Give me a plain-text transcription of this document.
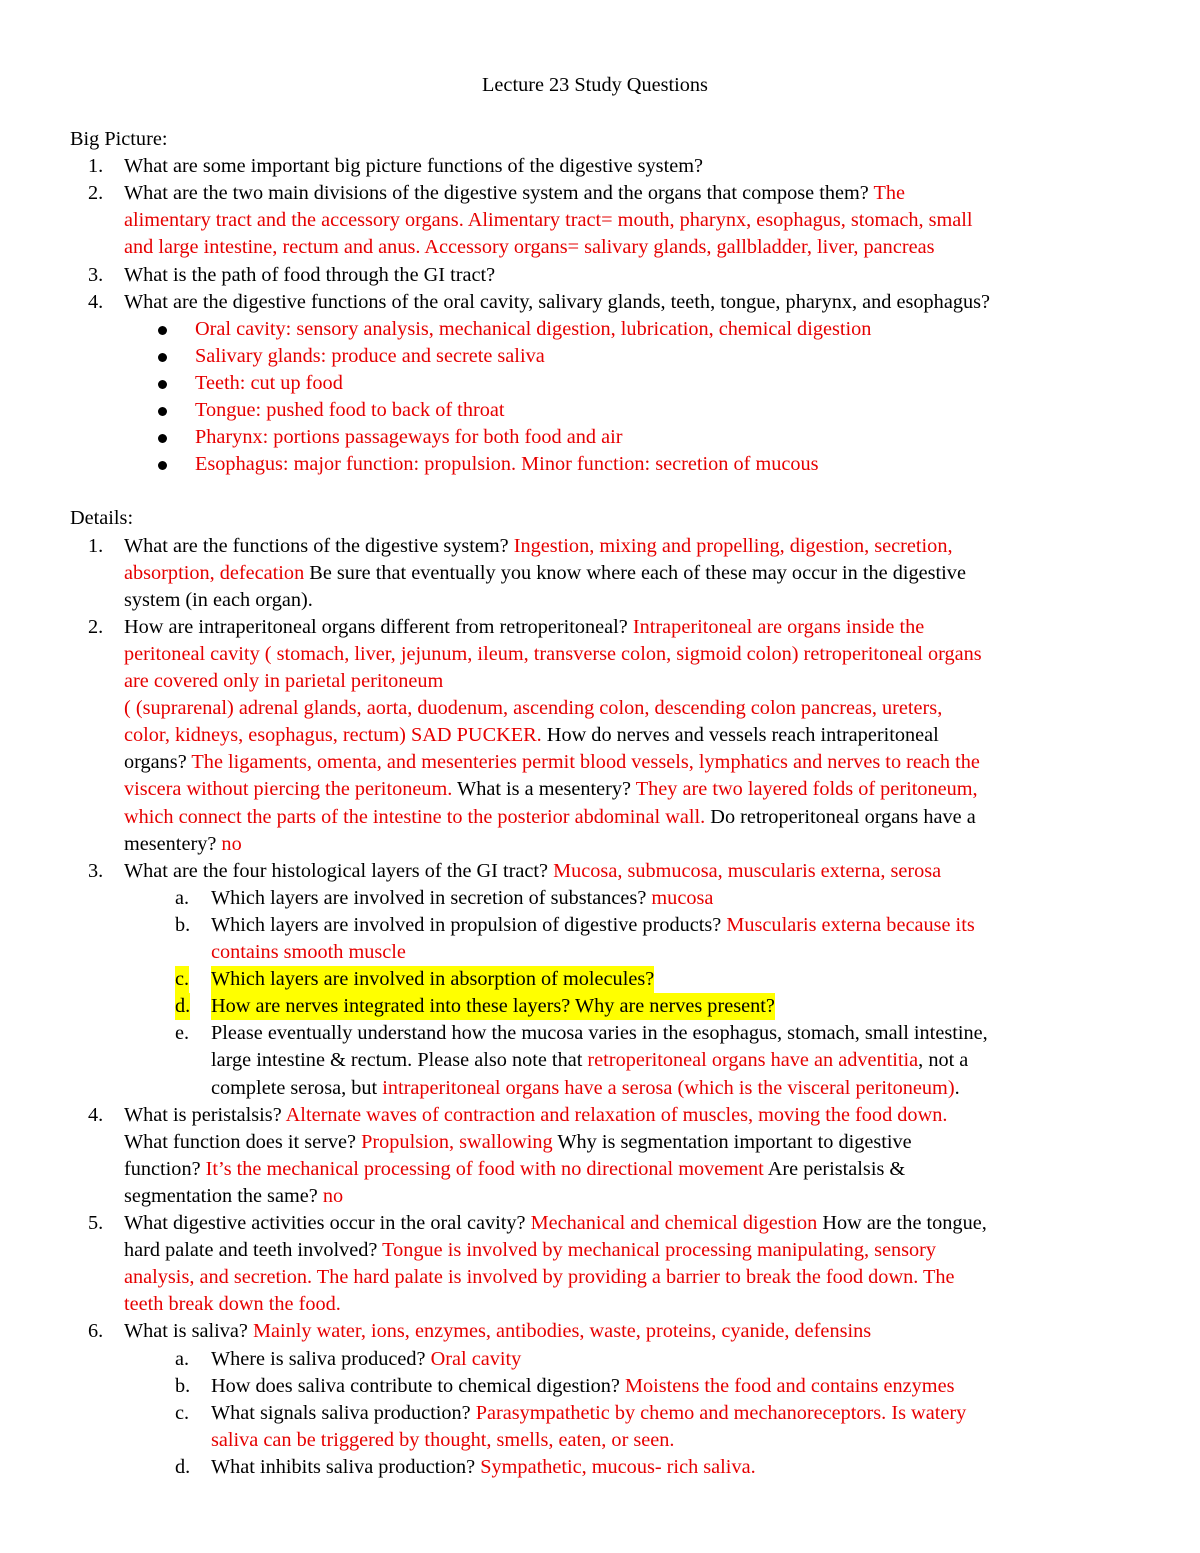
Lecture 23 Study Questions
Big Picture:
1. What are some important big picture functions of the digestive system?
2. What are the two main divisions of the digestive system and the organs that compose them? The
alimentary tract and the accessory organs. Alimentary tract= mouth, pharynx, esophagus, stomach, small
and large intestine, rectum and anus. Accessory organs= salivary glands, gallbladder, liver, pancreas
3. What is the path of food through the GI tract?
4. What are the digestive functions of the oral cavity, salivary glands, teeth, tongue, pharynx, and esophagus?
Oral cavity: sensory analysis, mechanical digestion, lubrication, chemical digestion
Salivary glands: produce and secrete saliva
Teeth: cut up food
Tongue: pushed food to back of throat
Pharynx: portions passageways for both food and air
Esophagus: major function: propulsion. Minor function: secretion of mucous
Details:
1. What are the functions of the digestive system? Ingestion, mixing and propelling, digestion, secretion,
absorption, defecation Be sure that eventually you know where each of these may occur in the digestive
system (in each organ).
2. How are intraperitoneal organs different from retroperitoneal? Intraperitoneal are organs inside the
peritoneal cavity ( stomach, liver, jejunum, ileum, transverse colon, sigmoid colon) retroperitoneal organs
are covered only in parietal peritoneum
( (suprarenal) adrenal glands, aorta, duodenum, ascending colon, descending colon pancreas, ureters,
color, kidneys, esophagus, rectum) SAD PUCKER. How do nerves and vessels reach intraperitoneal
organs? The ligaments, omenta, and mesenteries permit blood vessels, lymphatics and nerves to reach the
viscera without piercing the peritoneum. What is a mesentery? They are two layered folds of peritoneum,
which connect the parts of the intestine to the posterior abdominal wall. Do retroperitoneal organs have a
mesentery? no
3. What are the four histological layers of the GI tract? Mucosa, submucosa, muscularis externa, serosa
a. Which layers are involved in secretion of substances? mucosa
b. Which layers are involved in propulsion of digestive products? Muscularis externa because its
contains smooth muscle
c. Which layers are involved in absorption of molecules?
d. How are nerves integrated into these layers? Why are nerves present?
e. Please eventually understand how the mucosa varies in the esophagus, stomach, small intestine,
large intestine & rectum. Please also note that retroperitoneal organs have an adventitia, not a
complete serosa, but intraperitoneal organs have a serosa (which is the visceral peritoneum).
4. What is peristalsis? Alternate waves of contraction and relaxation of muscles, moving the food down.
What function does it serve? Propulsion, swallowing Why is segmentation important to digestive
function? It’s the mechanical processing of food with no directional movement Are peristalsis &
segmentation the same? no
5. What digestive activities occur in the oral cavity? Mechanical and chemical digestion How are the tongue,
hard palate and teeth involved? Tongue is involved by mechanical processing manipulating, sensory
analysis, and secretion. The hard palate is involved by providing a barrier to break the food down. The
teeth break down the food.
6. What is saliva? Mainly water, ions, enzymes, antibodies, waste, proteins, cyanide, defensins
a. Where is saliva produced? Oral cavity
b. How does saliva contribute to chemical digestion? Moistens the food and contains enzymes
c. What signals saliva production? Parasympathetic by chemo and mechanoreceptors. Is watery
saliva can be triggered by thought, smells, eaten, or seen.
d. What inhibits saliva production? Sympathetic, mucous- rich saliva.
